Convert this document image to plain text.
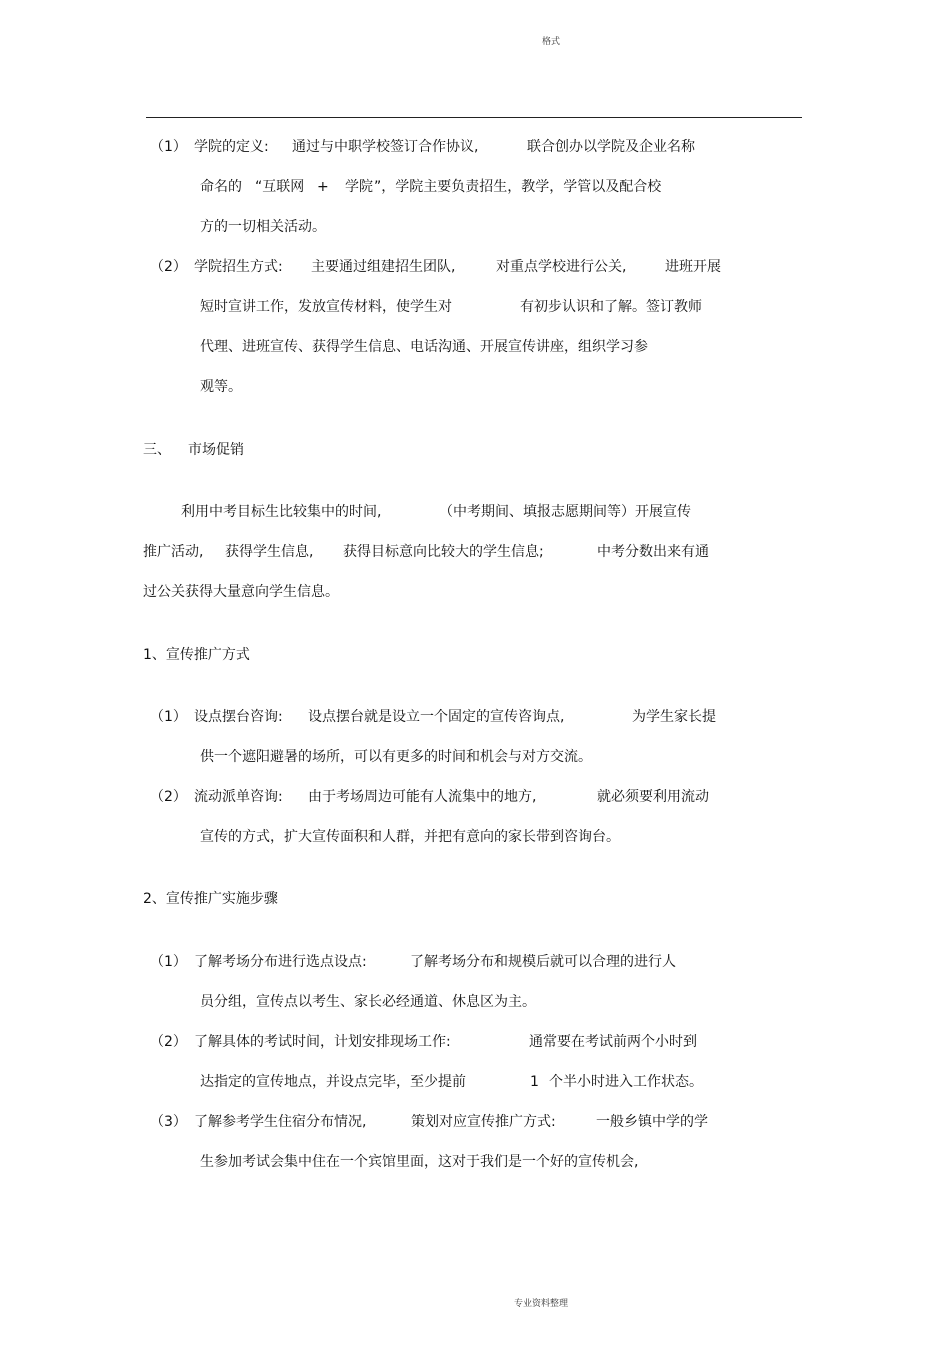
格式
专业资料整理
（1） 学院的定义: 通过与中职学校签订合作协议,	联合创办以学院及企业名称
命名的 “互联网 + 学院 ”，学院主要负责招生，教学，学管以及配合校
方的一切相关活动。
（2） 学院招生方式: 主要通过组建招生团队,	对重点学校进行公关,	进班开展
短时宣讲工作，发放宣传材料，使学生对	有初步认识和了解。签订教师
代理、进班宣传、获得学生信息、电话沟通、开展宣传讲座，组织学习参
观等。
三、 市场促销
利用中考目标生比较集中的时间,	（中考期间、填报志愿期间等）开展宣传
推广活动, 获得学生信息, 获得目标意向比较大的学生信息;	中考分数出来有通
过公关获得大量意向学生信息。
1、宣传推广方式
（1） 设点摆台咨询: 设点摆台就是设立一个固定的宣传咨询点,	为学生家长提
供一个遮阳避暑的场所，可以有更多的时间和机会与对方交流。
（2） 流动派单咨询: 由于考场周边可能有人流集中的地方,	就必须要利用流动
宣传的方式，扩大宣传面积和人群，并把有意向的家长带到咨询台。
2、宣传推广实施步骤
（1） 了解考场分布进行选点设点:	了解考场分布和规模后就可以合理的进行人
员分组，宣传点以考生、家长必经通道、休息区为主。
（2） 了解具体的考试时间，计划安排现场工作:	通常要在考试前两个小时到
达指定的宣传地点，并设点完毕，至少提前	1 个半小时进入工作状态。
（3） 了解参考学生住宿分布情况,	策划对应宣传推广方式:	一般乡镇中学的学
生参加考试会集中住在一个宾馆里面，这对于我们是一个好的宣传机会,
